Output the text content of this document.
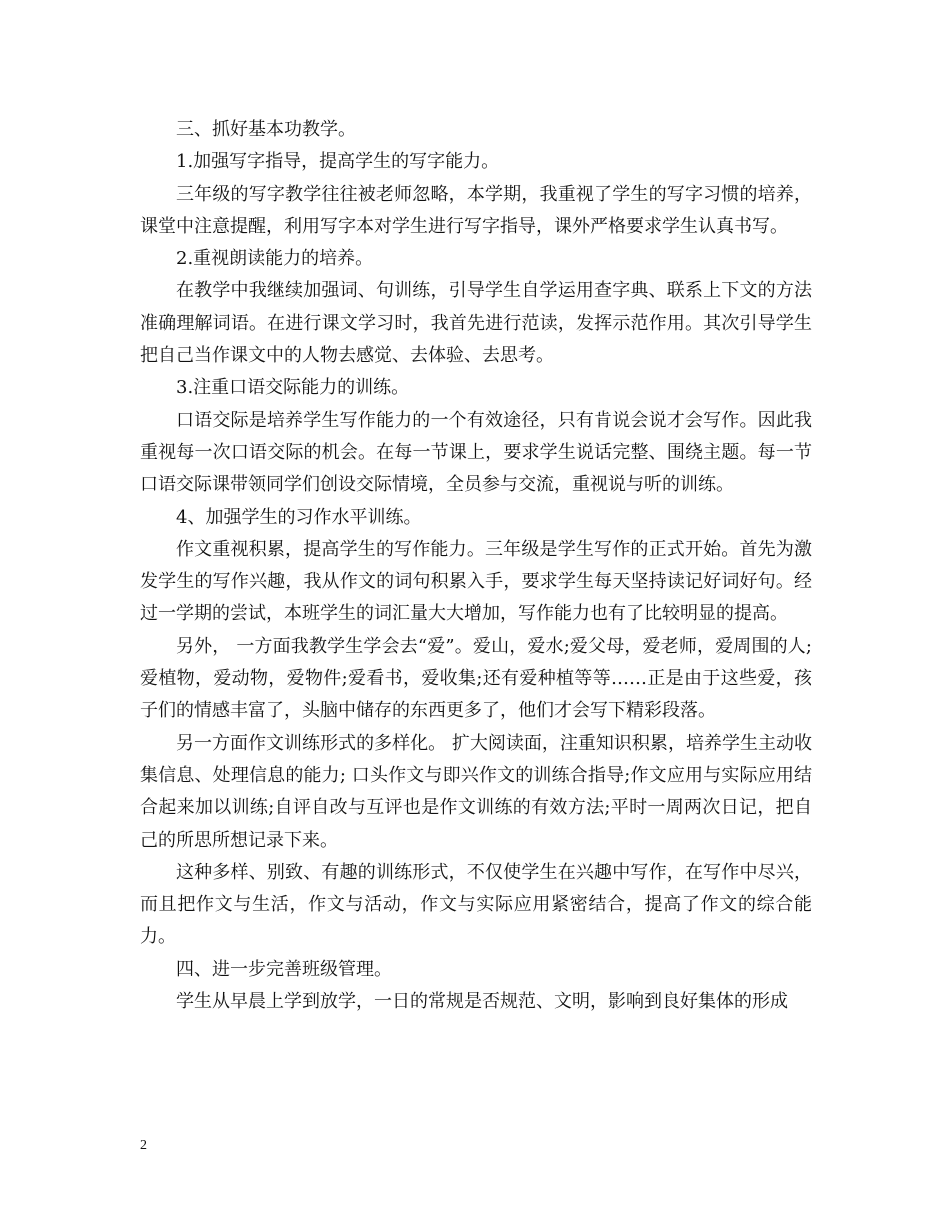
三、抓好基本功教学。

1.加强写字指导，提高学生的写字能力。

三年级的写字教学往往被老师忽略，本学期，我重视了学生的写字习惯的培养，课堂中注意提醒，利用写字本对学生进行写字指导，课外严格要求学生认真书写。

2.重视朗读能力的培养。

在教学中我继续加强词、句训练，引导学生自学运用查字典、联系上下文的方法准确理解词语。在进行课文学习时，我首先进行范读，发挥示范作用。其次引导学生把自己当作课文中的人物去感觉、去体验、去思考。

3.注重口语交际能力的训练。

口语交际是培养学生写作能力的一个有效途径，只有肯说会说才会写作。因此我重视每一次口语交际的机会。在每一节课上，要求学生说话完整、围绕主题。每一节口语交际课带领同学们创设交际情境，全员参与交流，重视说与听的训练。

4、加强学生的习作水平训练。

作文重视积累，提高学生的写作能力。三年级是学生写作的正式开始。首先为激发学生的写作兴趣，我从作文的词句积累入手，要求学生每天坚持读记好词好句。经过一学期的尝试，本班学生的词汇量大大增加，写作能力也有了比较明显的提高。

另外， 一方面我教学生学会去“爱”。爱山，爱水;爱父母，爱老师，爱周围的人;爱植物，爱动物，爱物件;爱看书，爱收集;还有爱种植等等……正是由于这些爱，孩子们的情感丰富了，头脑中储存的东西更多了，他们才会写下精彩段落。

另一方面作文训练形式的多样化。 扩大阅读面，注重知识积累，培养学生主动收集信息、处理信息的能力; 口头作文与即兴作文的训练合指导;作文应用与实际应用结合起来加以训练;自评自改与互评也是作文训练的有效方法;平时一周两次日记，把自己的所思所想记录下来。

这种多样、别致、有趣的训练形式，不仅使学生在兴趣中写作，在写作中尽兴，而且把作文与生活，作文与活动，作文与实际应用紧密结合，提高了作文的综合能力。

四、进一步完善班级管理。

学生从早晨上学到放学，一日的常规是否规范、文明，影响到良好集体的形成

2
